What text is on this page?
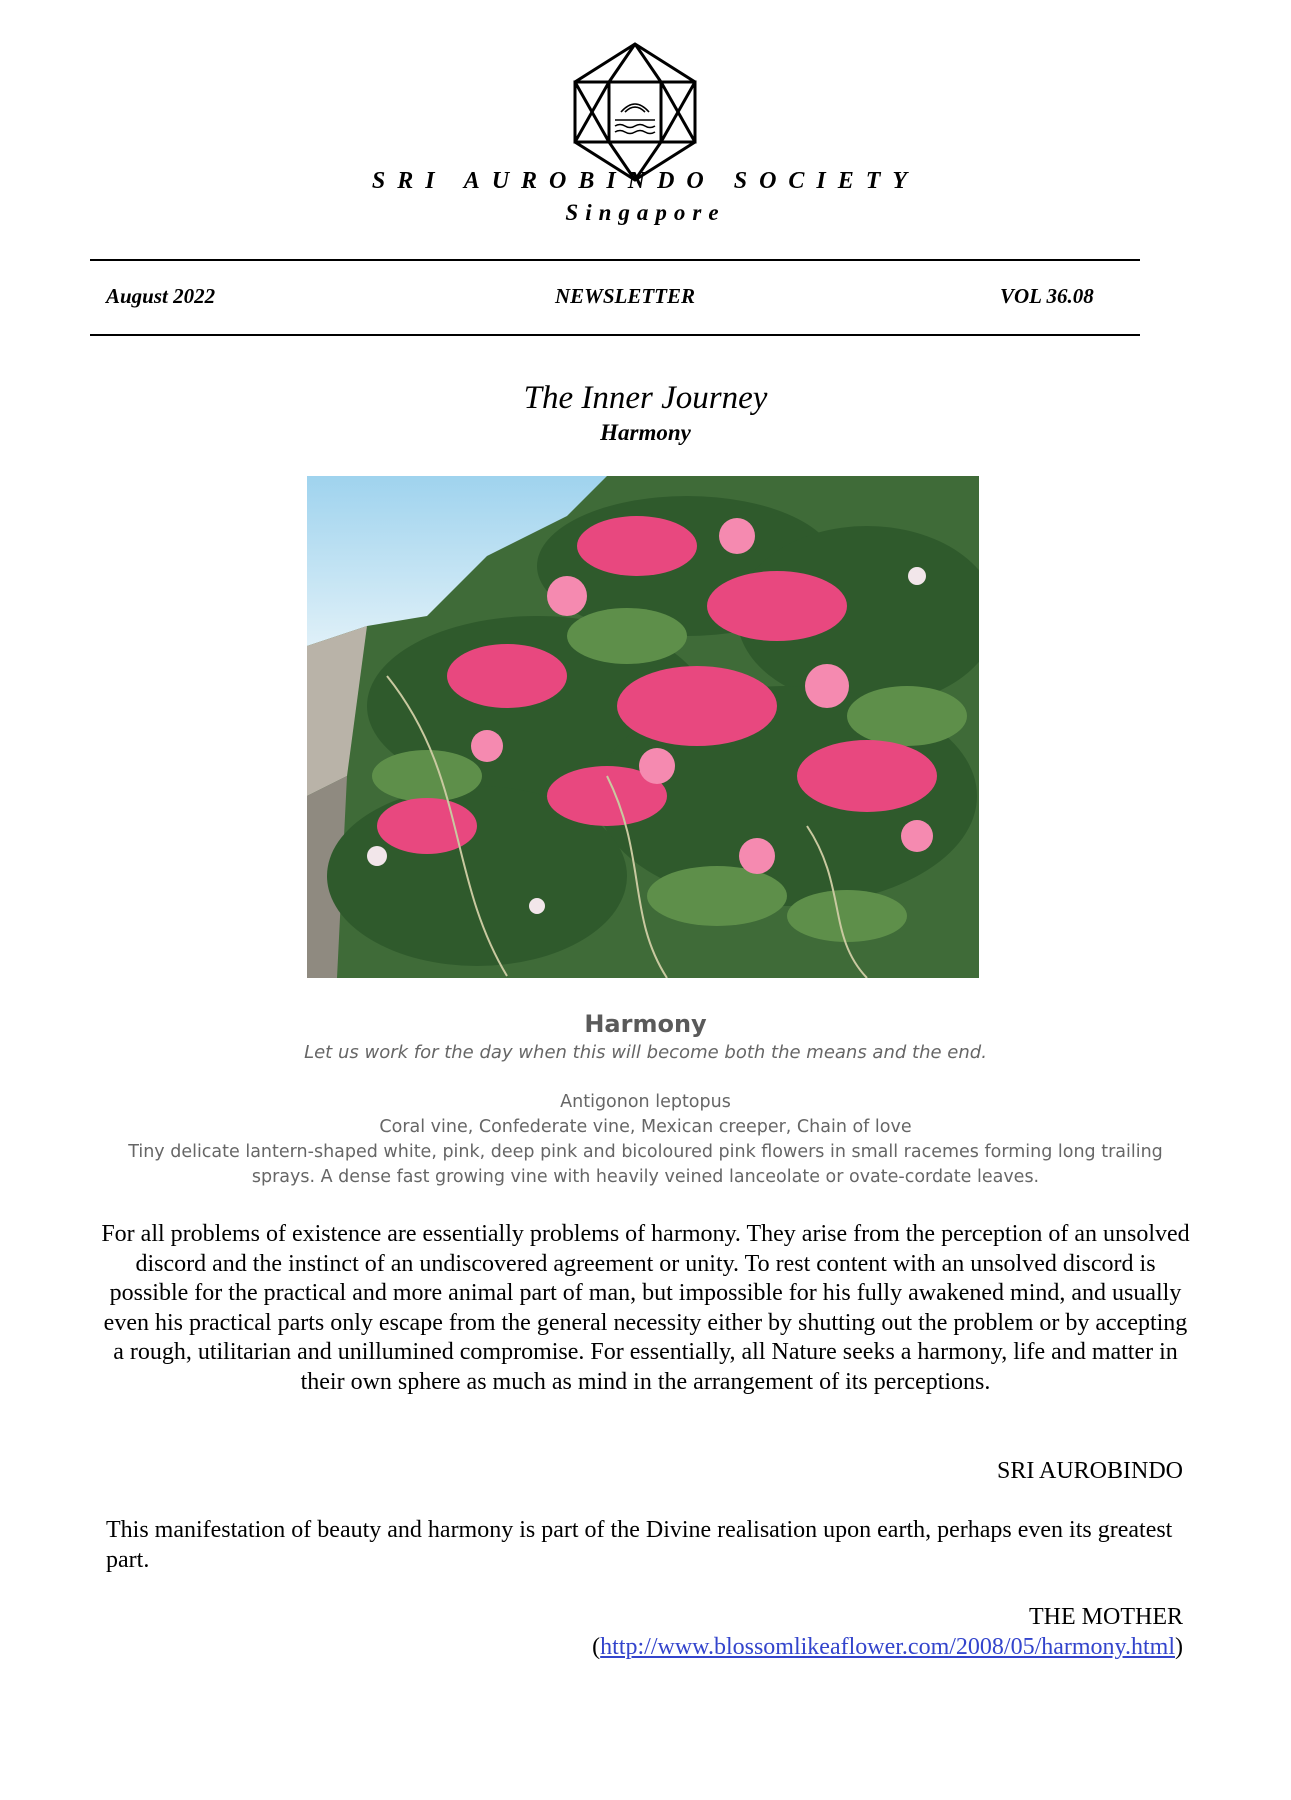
SRI AUROBINDO SOCIETY
Singapore
August 2022	NEWSLETTER	VOL 36.08
The Inner Journey
Harmony
Harmony
Let us work for the day when this will become both the means and the end.
Antigonon leptopus
Coral vine, Confederate vine, Mexican creeper, Chain of love
Tiny delicate lantern-shaped white, pink, deep pink and bicoloured pink flowers in small racemes forming long trailing sprays. A dense fast growing vine with heavily veined lanceolate or ovate-cordate leaves.
For all problems of existence are essentially problems of harmony. They arise from the perception of an unsolved discord and the instinct of an undiscovered agreement or unity. To rest content with an unsolved discord is possible for the practical and more animal part of man, but impossible for his fully awakened mind, and usually even his practical parts only escape from the general necessity either by shutting out the problem or by accepting a rough, utilitarian and unillumined compromise. For essentially, all Nature seeks a harmony, life and matter in their own sphere as much as mind in the arrangement of its perceptions.
SRI AUROBINDO
This manifestation of beauty and harmony is part of the Divine realisation upon earth, perhaps even its greatest part.
THE MOTHER
(http://www.blossomlikeaflower.com/2008/05/harmony.html)
